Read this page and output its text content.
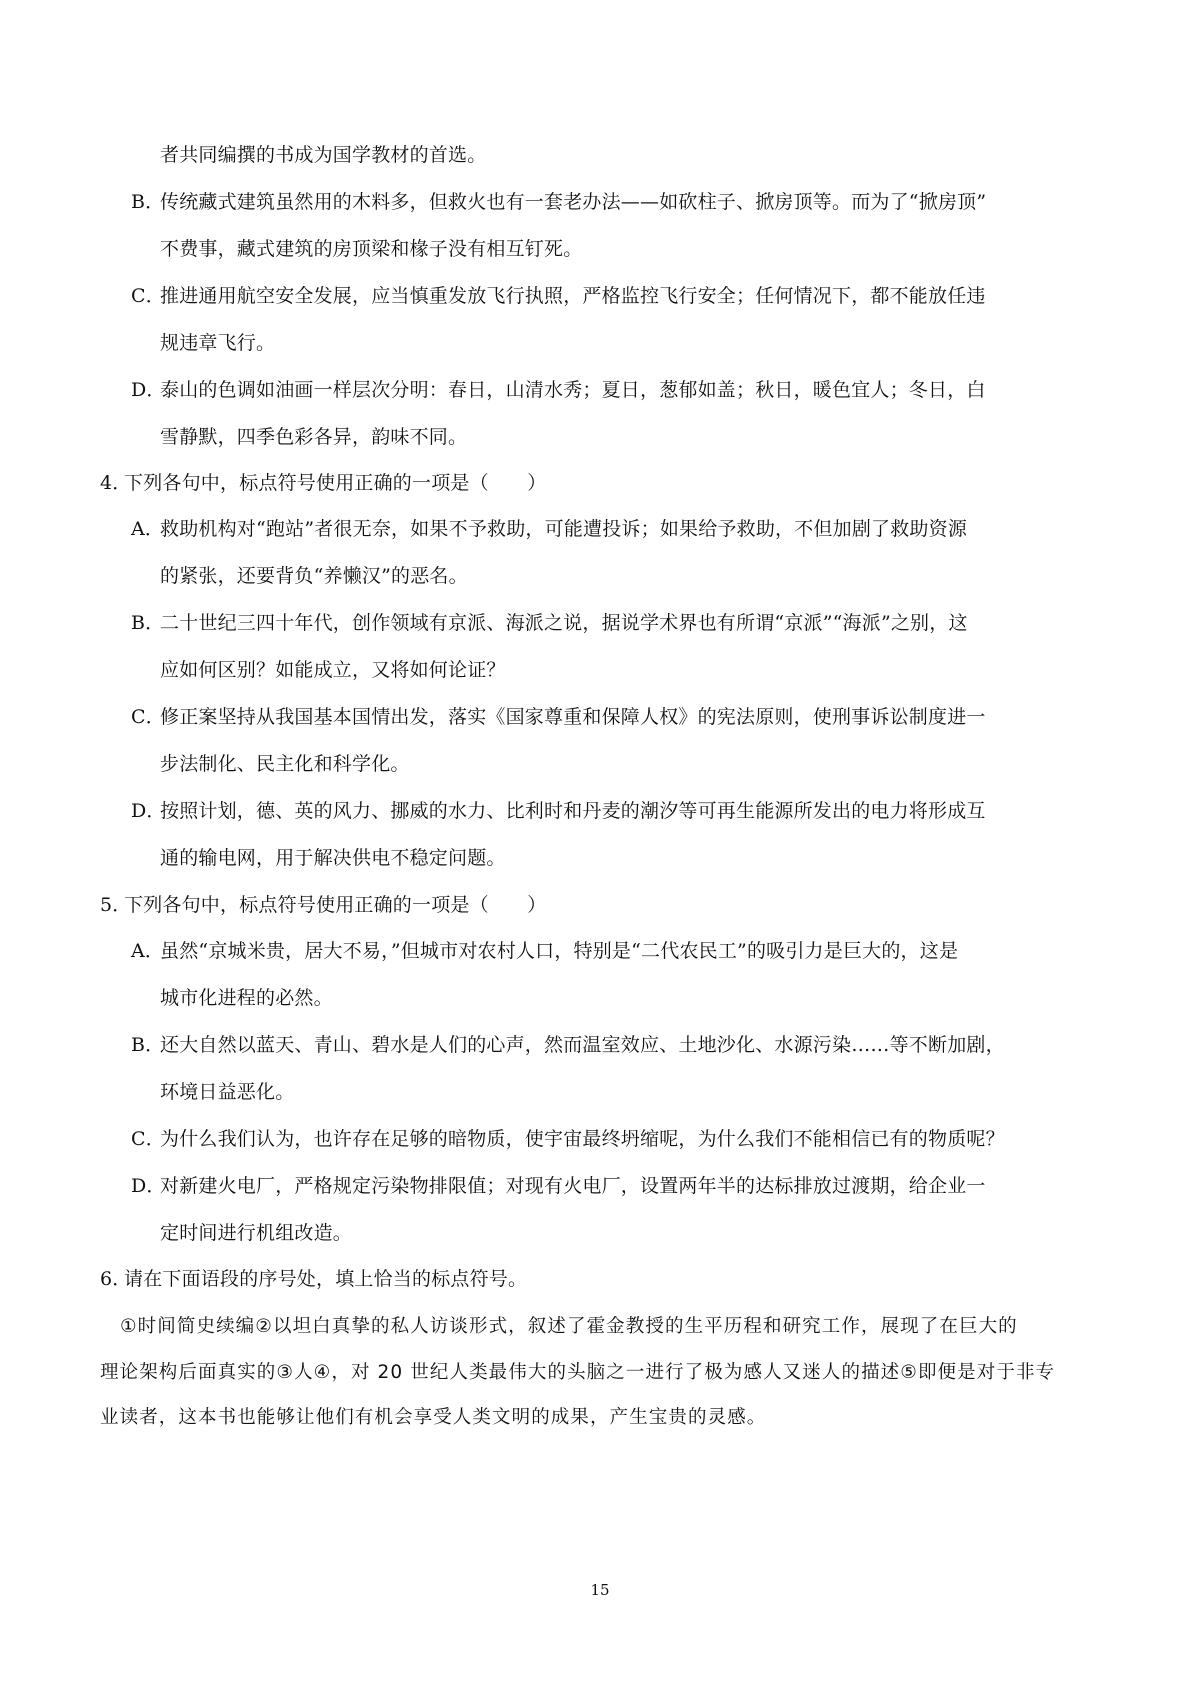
者共同编撰的书成为国学教材的首选。
B．
传统藏式建筑虽然用的木料多，但救火也有一套老办法——如砍柱子、掀房顶等。而为了“掀房顶”
不费事，藏式建筑的房顶梁和椽子没有相互钉死。
C．
推进通用航空安全发展，应当慎重发放飞行执照，严格监控飞行安全；任何情况下，都不能放任违
规违章飞行。
D．
泰山的色调如油画一样层次分明：春日，山清水秀；夏日，葱郁如盖；秋日，暖色宜人；冬日，白
雪静默，四季色彩各异，韵味不同。
4．
下列各句中，标点符号使用正确的一项是（　　）
A．
救助机构对“跑站”者很无奈，如果不予救助，可能遭投诉；如果给予救助，不但加剧了救助资源
的紧张，还要背负“养懒汉”的恶名。
B．
二十世纪三四十年代，创作领域有京派、海派之说，据说学术界也有所谓“京派”“海派”之别，这
应如何区别？如能成立，又将如何论证？
C．
修正案坚持从我国基本国情出发，落实《国家尊重和保障人权》的宪法原则，使刑事诉讼制度进一
步法制化、民主化和科学化。
D．
按照计划，德、英的风力、挪威的水力、比利时和丹麦的潮汐等可再生能源所发出的电力将形成互
通的输电网，用于解决供电不稳定问题。
5．
下列各句中，标点符号使用正确的一项是（　　）
A．
虽然“京城米贵，居大不易，”但城市对农村人口，特别是“二代农民工”的吸引力是巨大的，这是
城市化进程的必然。
B．
还大自然以蓝天、青山、碧水是人们的心声，然而温室效应、土地沙化、水源污染……等不断加剧，
环境日益恶化。
C．
为什么我们认为，也许存在足够的暗物质，使宇宙最终坍缩呢，为什么我们不能相信已有的物质呢？
D．
对新建火电厂，严格规定污染物排限值；对现有火电厂，设置两年半的达标排放过渡期，给企业一
定时间进行机组改造。
6．
请在下面语段的序号处，填上恰当的标点符号。
①时间简史续编②以坦白真挚的私人访谈形式，叙述了霍金教授的生平历程和研究工作，展现了在巨大的
理论架构后面真实的③人④，对 20 世纪人类最伟大的头脑之一进行了极为感人又迷人的描述⑤即便是对于非专
业读者，这本书也能够让他们有机会享受人类文明的成果，产生宝贵的灵感。
15
